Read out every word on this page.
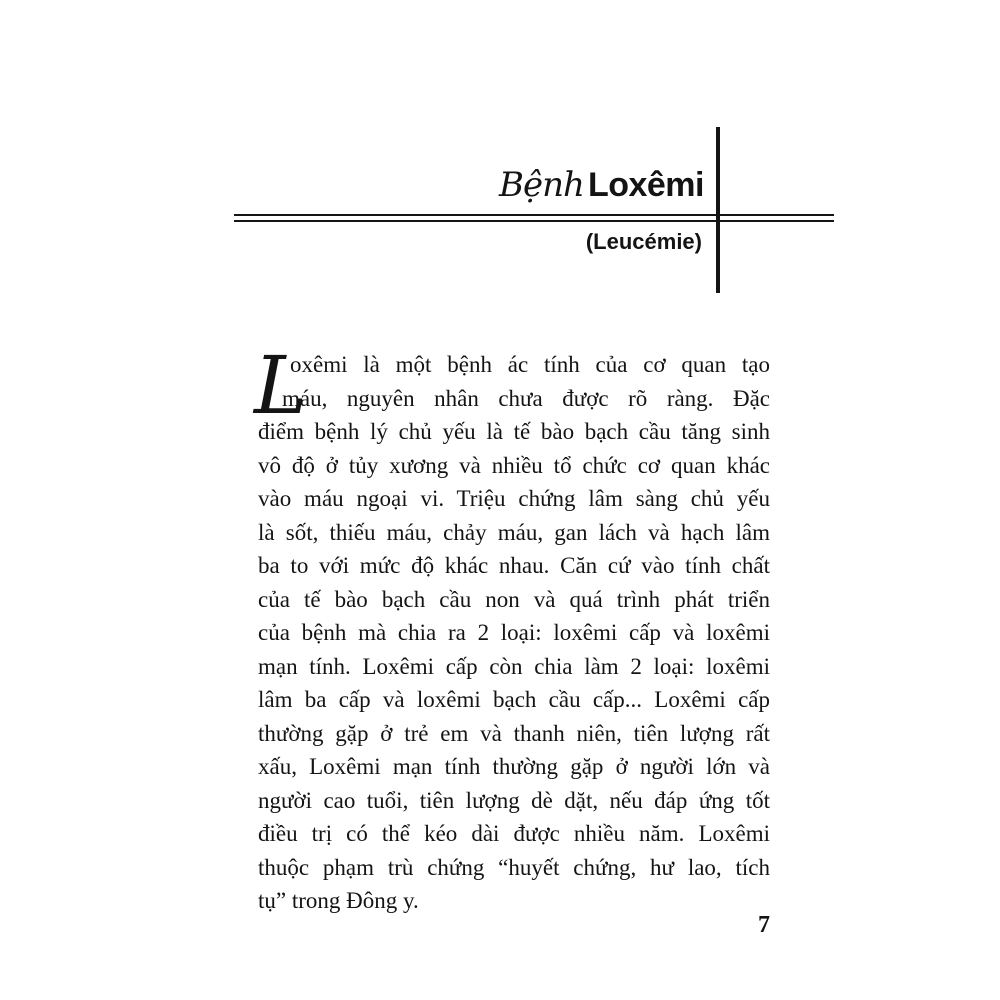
Bệnh Loxêmi
(Leucémie)
L
oxêmi là một bệnh ác tính của cơ quan tạo
máu, nguyên nhân chưa được rõ ràng. Đặc
điểm bệnh lý chủ yếu là tế bào bạch cầu tăng sinh
vô độ ở tủy xương và nhiều tổ chức cơ quan khác
vào máu ngoại vi. Triệu chứng lâm sàng chủ yếu
là sốt, thiếu máu, chảy máu, gan lách và hạch lâm
ba to với mức độ khác nhau. Căn cứ vào tính chất
của tế bào bạch cầu non và quá trình phát triển
của bệnh mà chia ra 2 loại: loxêmi cấp và loxêmi
mạn tính. Loxêmi cấp còn chia làm 2 loại: loxêmi
lâm ba cấp và loxêmi bạch cầu cấp... Loxêmi cấp
thường gặp ở trẻ em và thanh niên, tiên lượng rất
xấu, Loxêmi mạn tính thường gặp ở người lớn và
người cao tuổi, tiên lượng dè dặt, nếu đáp ứng tốt
điều trị có thể kéo dài được nhiều năm. Loxêmi
thuộc phạm trù chứng “huyết chứng, hư lao, tích
tụ” trong Đông y.
7
